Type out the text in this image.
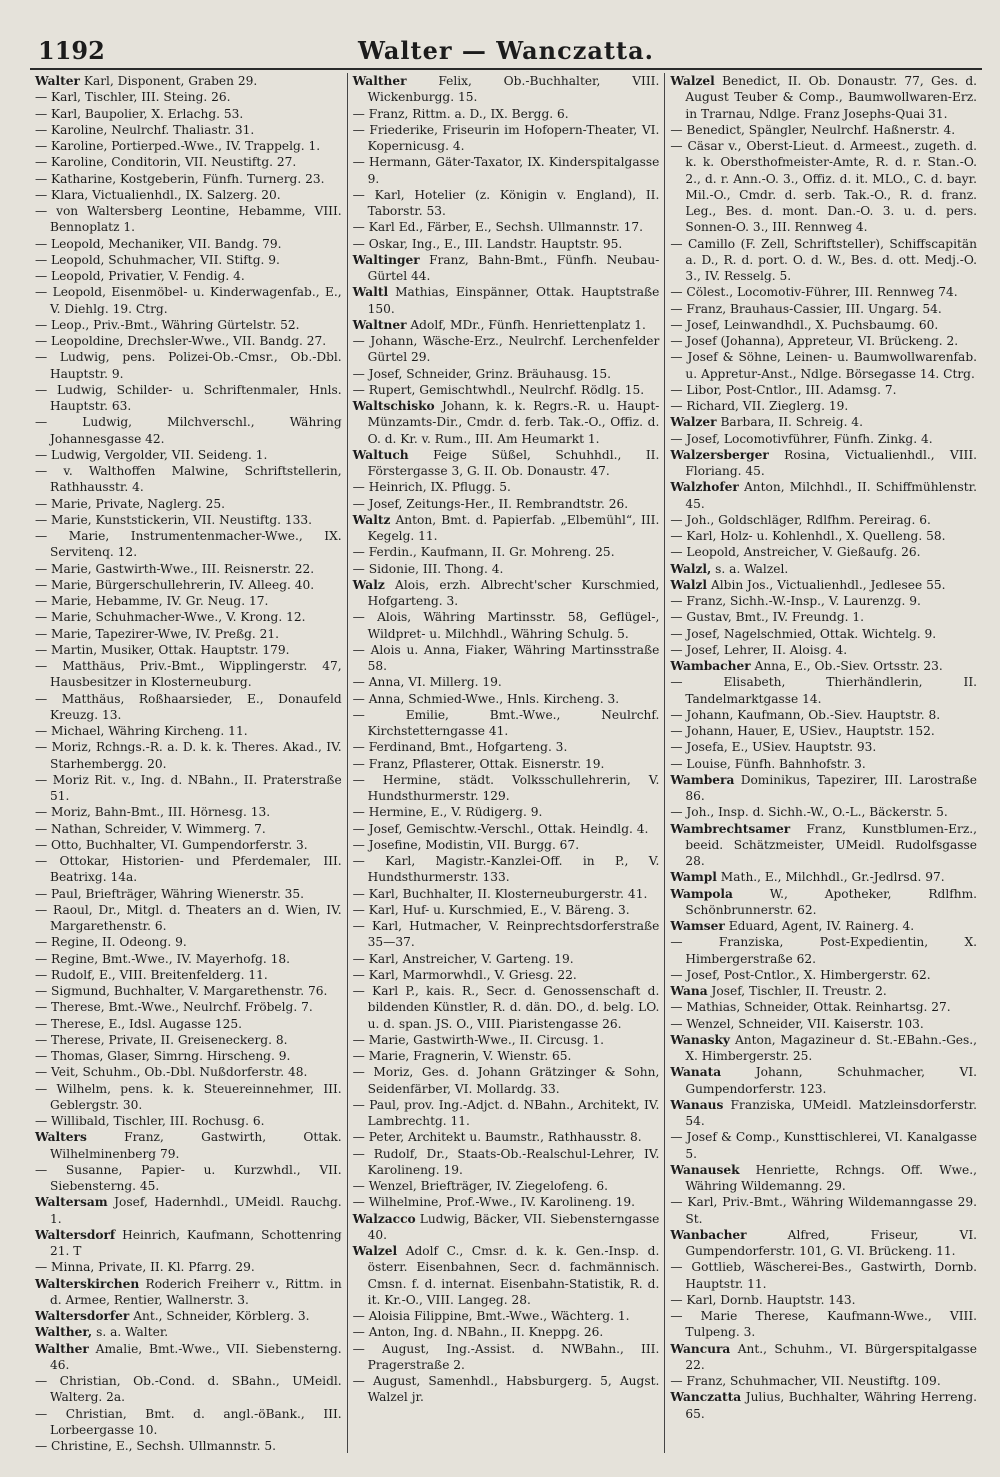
1192	Walter — Wanczatta.

Walter Karl, Disponent, Graben 29.

— Karl, Tischler, III. Steing. 26.

— Karl, Baupolier, X. Erlachg. 53.

— Karoline, Neulrchf. Thaliastr. 31.

— Karoline, Portierped.-Wwe., IV. Trappelg. 1.

— Karoline, Conditorin, VII. Neustiftg. 27.

— Katharine, Kostgeberin, Fünfh. Turnerg. 23.

— Klara, Victualienhdl., IX. Salzerg. 20.

— von Waltersberg Leontine, Hebamme, VIII. Bennoplatz 1.

— Leopold, Mechaniker, VII. Bandg. 79.

— Leopold, Schuhmacher, VII. Stiftg. 9.

— Leopold, Privatier, V. Fendig. 4.

— Leopold, Eisenmöbel- u. Kinderwagenfab., E., V. Diehlg. 19. Ctrg.

— Leop., Priv.-Bmt., Währing Gürtelstr. 52.

— Leopoldine, Drechsler-Wwe., VII. Bandg. 27.

— Ludwig, pens. Polizei-Ob.-Cmsr., Ob.-Dbl. Hauptstr. 9.

— Ludwig, Schilder- u. Schriftenmaler, Hnls. Hauptstr. 63.

— Ludwig, Milchverschl., Währing Johannesgasse 42.

— Ludwig, Vergolder, VII. Seideng. 1.

— v. Walthoffen Malwine, Schriftstellerin, Rathhausstr. 4.

— Marie, Private, Naglerg. 25.

— Marie, Kunststickerin, VII. Neustiftg. 133.

— Marie, Instrumentenmacher-Wwe., IX. Servitenq. 12.

— Marie, Gastwirth-Wwe., III. Reisnerstr. 22.

— Marie, Bürgerschullehrerin, IV. Alleeg. 40.

— Marie, Hebamme, IV. Gr. Neug. 17.

— Marie, Schuhmacher-Wwe., V. Krong. 12.

— Marie, Tapezirer-Wwe, IV. Preßg. 21.

— Martin, Musiker, Ottak. Hauptstr. 179.

— Matthäus, Priv.-Bmt., Wipplingerstr. 47, Hausbesitzer in Klosterneuburg.

— Matthäus, Roßhaarsieder, E., Donaufeld Kreuzg. 13.

— Michael, Währing Kircheng. 11.

— Moriz, Rchngs.-R. a. D. k. k. Theres. Akad., IV. Starhembergg. 20.

— Moriz Rit. v., Ing. d. NBahn., II. Praterstraße 51.

— Moriz, Bahn-Bmt., III. Hörnesg. 13.

— Nathan, Schreider, V. Wimmerg. 7.

— Otto, Buchhalter, VI. Gumpendorferstr. 3.

— Ottokar, Historien- und Pferdemaler, III. Beatrixg. 14a.

— Paul, Briefträger, Währing Wienerstr. 35.

— Raoul, Dr., Mitgl. d. Theaters an d. Wien, IV. Margarethenstr. 6.

— Regine, II. Odeong. 9.

— Regine, Bmt.-Wwe., IV. Mayerhofg. 18.

— Rudolf, E., VIII. Breitenfelderg. 11.

— Sigmund, Buchhalter, V. Margarethenstr. 76.

— Therese, Bmt.-Wwe., Neulrchf. Fröbelg. 7.

— Therese, E., Idsl. Augasse 125.

— Therese, Private, II. Greiseneckerg. 8.

— Thomas, Glaser, Simrng. Hirscheng. 9.

— Veit, Schuhm., Ob.-Dbl. Nußdorferstr. 48.

— Wilhelm, pens. k. k. Steuereinnehmer, III. Geblergstr. 30.

— Willibald, Tischler, III. Rochusg. 6.

Walters	Franz, Gastwirth, Ottak. Wilhelminenberg 79.

— Susanne, Papier- u. Kurzwhdl., VII. Siebensterng. 45.

Waltersam Josef, Hadernhdl., UMeidl. Rauchg. 1.

Waltersdorf Heinrich, Kaufmann, Schottenring 21. T

— Minna, Private, II. Kl. Pfarrg. 29.

Walterskirchen Roderich Freiherr v., Rittm. in d. Armee, Rentier, Wallnerstr. 3.

Waltersdorfer Ant., Schneider, Körblerg. 3.

Walther, s. a. Walter.

Walther Amalie, Bmt.-Wwe., VII. Siebensterng. 46.

— Christian, Ob.-Cond. d. SBahn., UMeidl. Walterg. 2a.

— Christian, Bmt. d. angl.-öBank., III. Lorbeergasse 10.

— Christine, E., Sechsh. Ullmannstr. 5.

Walther	Felix, Ob.-Buchhalter, VIII. Wickenburgg. 15.

— Franz, Rittm. a. D., IX. Bergg. 6.

— Friederike, Friseurin im Hofopern-Theater, VI. Kopernicusg. 4.

— Hermann, Gäter-Taxator, IX. Kinderspitalgasse 9.

— Karl, Hotelier (z. Königin v. England), II. Taborstr. 53.

— Karl Ed., Färber, E., Sechsh. Ullmannstr. 17.

— Oskar, Ing., E., III. Landstr. Hauptstr. 95.

Waltinger Franz, Bahn-Bmt., Fünfh. Neubau-Gürtel 44.

Waltl Mathias, Einspänner, Ottak. Hauptstraße 150.

Waltner Adolf, MDr., Fünfh. Henriettenplatz 1.

— Johann, Wäsche-Erz., Neulrchf. Lerchenfelder Gürtel 29.

— Josef, Schneider, Grinz. Bräuhausg. 15.

— Rupert, Gemischtwhdl., Neulrchf. Rödlg. 15.

Waltschisko Johann, k. k. Regrs.-R. u. Haupt-Münzamts-Dir., Cmdr. d. ferb. Tak.-O., Offiz. d. O. d. Kr. v. Rum., III. Am Heumarkt 1.

Waltuch Feige Süßel, Schuhhdl., II. Förstergasse 3, G. II. Ob. Donaustr. 47.

— Heinrich, IX. Pflugg. 5.

— Josef, Zeitungs-Her., II. Rembrandtstr. 26.

Waltz Anton, Bmt. d. Papierfab. „Elbemühl“, III. Kegelg. 11.

— Ferdin., Kaufmann, II. Gr. Mohreng. 25.

— Sidonie, III. Thong. 4.

Walz Alois, erzh. Albrecht'scher Kurschmied, Hofgarteng. 3.

— Alois, Währing Martinsstr. 58, Geflügel-, Wildpret- u. Milchhdl., Währing Schulg. 5.

— Alois u. Anna, Fiaker, Währing Martinsstraße 58.

— Anna, VI. Millerg. 19.

— Anna, Schmied-Wwe., Hnls. Kircheng. 3.

— Emilie, Bmt.-Wwe., Neulrchf. Kirchstetterngasse 41.

— Ferdinand, Bmt., Hofgarteng. 3.

— Franz, Pflasterer, Ottak. Eisnerstr. 19.

— Hermine, städt. Volksschullehrerin, V. Hundsthurmerstr. 129.

— Hermine, E., V. Rüdigerg. 9.

— Josef, Gemischtw.-Verschl., Ottak. Heindlg. 4.

— Josefine, Modistin, VII. Burgg. 67.

— Karl, Magistr.-Kanzlei-Off. in P., V. Hundsthurmerstr. 133.

— Karl, Buchhalter, II. Klosterneuburgerstr. 41.

— Karl, Huf- u. Kurschmied, E., V. Bäreng. 3.

— Karl, Hutmacher, V. Reinprechtsdorferstraße 35—37.

— Karl, Anstreicher, V. Garteng. 19.

— Karl, Marmorwhdl., V. Griesg. 22.

— Karl P., kais. R., Secr. d. Genossenschaft d. bildenden Künstler, R. d. dän. DO., d. belg. LO. u. d. span. JS. O., VIII. Piaristengasse 26.

— Marie, Gastwirth-Wwe., II. Circusg. 1.

— Marie, Fragnerin, V. Wienstr. 65.

— Moriz, Ges. d. Johann Grätzinger & Sohn, Seidenfärber, VI. Mollardg. 33.

— Paul, prov. Ing.-Adjct. d. NBahn., Architekt, IV. Lambrechtg. 11.

— Peter, Architekt u. Baumstr., Rathhausstr. 8.

— Rudolf, Dr., Staats-Ob.-Realschul-Lehrer, IV. Karolineng. 19.

— Wenzel, Briefträger, IV. Ziegelofeng. 6.

— Wilhelmine, Prof.-Wwe., IV. Karolineng. 19.

Walzacco Ludwig, Bäcker, VII. Siebensterngasse 40.

Walzel Adolf C., Cmsr. d. k. k. Gen.-Insp. d. österr. Eisenbahnen, Secr. d. fachmännisch. Cmsn. f. d. internat. Eisenbahn-Statistik, R. d. it. Kr.-O., VIII. Langeg. 28.

— Aloisia Filippine, Bmt.-Wwe., Wächterg. 1.

— Anton, Ing. d. NBahn., II. Kneppg. 26.

— August, Ing.-Assist. d. NWBahn., III. Pragerstraße 2.

— August, Samenhdl., Habsburgerg. 5, Augst. Walzel jr.

Walzel Benedict, II. Ob. Donaustr. 77, Ges. d. August Teuber & Comp., Baumwollwaren-Erz. in Trarnau, Ndlge. Franz Josephs-Quai 31.

— Benedict, Spängler, Neulrchf. Haßnerstr. 4.

— Cäsar v., Oberst-Lieut. d. Armeest., zugeth. d. k. k. Obersthofmeister-Amte, R. d. r. Stan.-O. 2., d. r. Ann.-O. 3., Offiz. d. it. MLO., C. d. bayr. Mil.-O., Cmdr. d. serb. Tak.-O., R. d. franz. Leg., Bes. d. mont. Dan.-O. 3. u. d. pers. Sonnen-O. 3., III. Rennweg 4.

— Camillo (F. Zell, Schriftsteller), Schiffscapitän a. D., R. d. port. O. d. W., Bes. d. ott. Medj.-O. 3., IV. Resselg. 5.

— Cölest., Locomotiv-Führer, III. Rennweg 74.

— Franz, Brauhaus-Cassier, III. Ungarg. 54.

— Josef, Leinwandhdl., X. Puchsbaumg. 60.

— Josef (Johanna), Appreteur, VI. Brückeng. 2.

— Josef & Söhne, Leinen- u. Baumwollwarenfab. u. Appretur-Anst., Ndlge. Börsegasse 14. Ctrg.

— Libor, Post-Cntlor., III. Adamsg. 7.

— Richard, VII. Zieglerg. 19.

Walzer Barbara, II. Schreig. 4.

— Josef, Locomotivführer, Fünfh. Zinkg. 4.

Walzersberger Rosina, Victualienhdl., VIII. Floriang. 45.

Walzhofer Anton, Milchhdl., II. Schiffmühlenstr. 45.

— Joh., Goldschläger, Rdlfhm. Pereirag. 6.

— Karl, Holz- u. Kohlenhdl., X. Quelleng. 58.

— Leopold, Anstreicher, V. Gießaufg. 26.

Walzl, s. a. Walzel.

Walzl Albin Jos., Victualienhdl., Jedlesee 55.

— Franz, Sichh.-W.-Insp., V. Laurenzg. 9.

— Gustav, Bmt., IV. Freundg. 1.

— Josef, Nagelschmied, Ottak. Wichtelg. 9.

— Josef, Lehrer, II. Aloisg. 4.

Wambacher Anna, E., Ob.-Siev. Ortsstr. 23.

— Elisabeth, Thierhändlerin, II. Tandelmarktgasse 14.

— Johann, Kaufmann, Ob.-Siev. Hauptstr. 8.

— Johann, Hauer, E, USiev., Hauptstr. 152.

— Josefa, E., USiev. Hauptstr. 93.

— Louise, Fünfh. Bahnhofstr. 3.

Wambera Dominikus, Tapezirer, III. Larostraße 86.

— Joh., Insp. d. Sichh.-W., O.-L., Bäckerstr. 5.

Wambrechtsamer Franz, Kunstblumen-Erz., beeid. Schätzmeister, UMeidl. Rudolfsgasse 28.

Wampl Math., E., Milchhdl., Gr.-Jedlrsd. 97.

Wampola	W., Apotheker, Rdlfhm. Schönbrunnerstr. 62.

Wamser Eduard, Agent, IV. Rainerg. 4.

— Franziska, Post-Expedientin, X. Himbergerstraße 62.

— Josef, Post-Cntlor., X. Himbergerstr. 62.

Wana Josef, Tischler, II. Treustr. 2.

— Mathias, Schneider, Ottak. Reinhartsg. 27.

— Wenzel, Schneider, VII. Kaiserstr. 103.

Wanasky Anton, Magazineur d. St.-EBahn.-Ges., X. Himbergerstr. 25.

Wanata	Johann, Schuhmacher, VI. Gumpendorferstr. 123.

Wanaus Franziska, UMeidl. Matzleinsdorferstr. 54.

— Josef & Comp., Kunsttischlerei, VI. Kanalgasse 5.

Wanausek Henriette, Rchngs. Off. Wwe., Währing Wildemanng. 29.

— Karl, Priv.-Bmt., Währing Wildemanngasse 29. St.

Wanbacher	Alfred, Friseur, VI. Gumpendorferstr. 101, G. VI. Brückeng. 11.

— Gottlieb, Wäscherei-Bes., Gastwirth, Dornb. Hauptstr. 11.

— Karl, Dornb. Hauptstr. 143.

— Marie Therese, Kaufmann-Wwe., VIII. Tulpeng. 3.

Wancura Ant., Schuhm., VI. Bürgerspitalgasse 22.

— Franz, Schuhmacher, VII. Neustiftg. 109.

Wanczatta Julius, Buchhalter, Währing Herreng. 65.
